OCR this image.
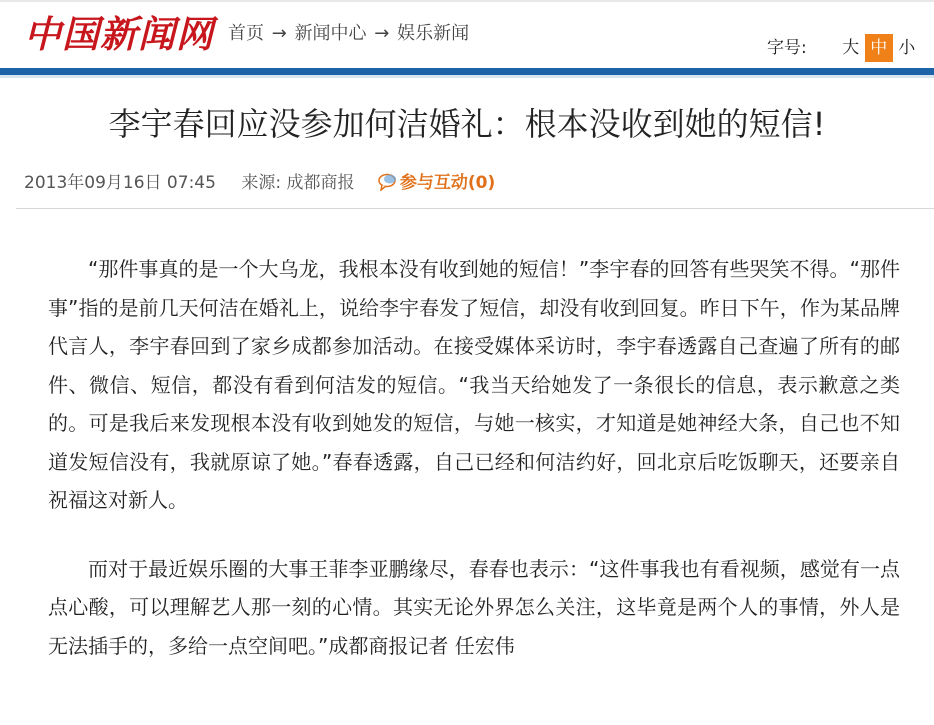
中国新闻网 首页 → 新闻中心 → 娱乐新闻
字号: 大 中 小
李宇春回应没参加何洁婚礼：根本没收到她的短信!
2013年09月16日 07:45 来源: 成都商报	参与互动(0)

“那件事真的是一个大乌龙，我根本没有收到她的短信！”李宇春的回答有些哭笑不得。“那件事”指的是前几天何洁在婚礼上，说给李宇春发了短信，却没有收到回复。昨日下午，作为某品牌代言人，李宇春回到了家乡成都参加活动。在接受媒体采访时，李宇春透露自己查遍了所有的邮件、微信、短信，都没有看到何洁发的短信。“我当天给她发了一条很长的信息，表示歉意之类的。可是我后来发现根本没有收到她发的短信，与她一核实，才知道是她神经大条，自己也不知道发短信没有，我就原谅了她。”春春透露，自己已经和何洁约好，回北京后吃饭聊天，还要亲自祝福这对新人。

而对于最近娱乐圈的大事王菲李亚鹏缘尽，春春也表示：“这件事我也有看视频，感觉有一点点心酸，可以理解艺人那一刻的心情。其实无论外界怎么关注，这毕竟是两个人的事情，外人是无法插手的，多给一点空间吧。”成都商报记者 任宏伟
